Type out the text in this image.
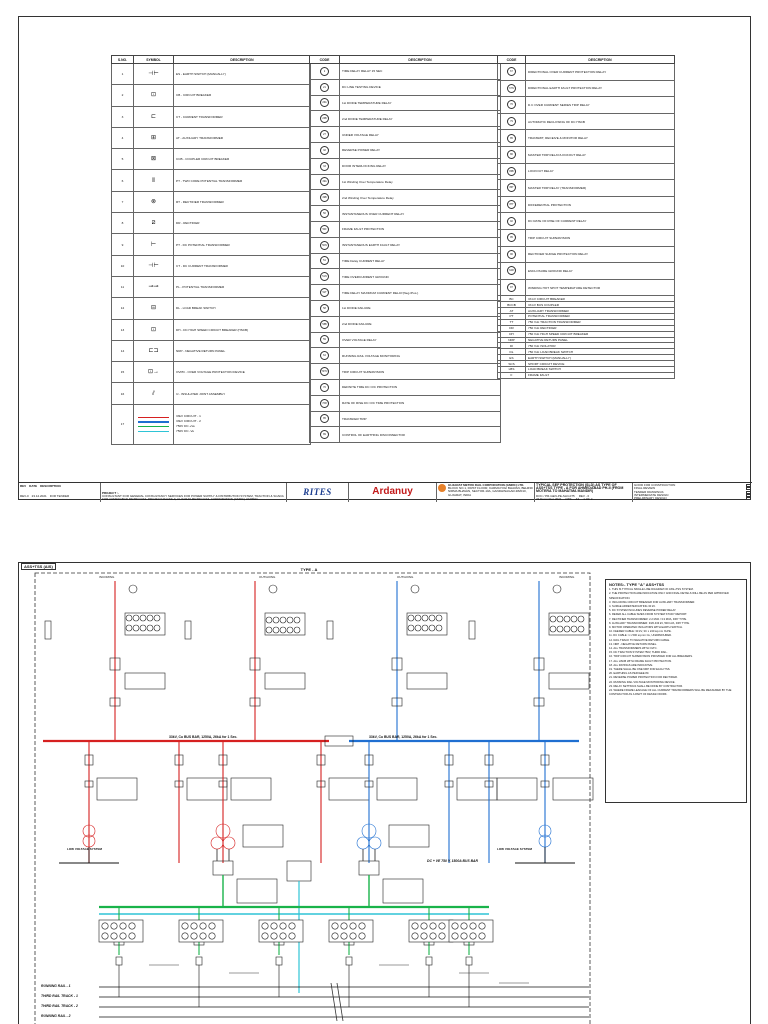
S.NO.	SYMBOL	DESCRIPTION
1	⊣⊢	ES - EARTH SWITCH (MANUALLY)
2	⊡	CB - CIRCUIT BREAKER
3	⊏	CT - CURRENT TRANSFORMER
4	⊞	AT - AUXILIARY TRANSFORMER
5	⊠	CCB - COUPLER CIRCUIT BREAKER
6	⫴	PT - TWO CORE POTENTIAL TRANSFORMER
7	⊗	RT - RECTIFIER TRANSFORMER
8	⧄	DR - RECTIFIER
9	⊢	PT - DC POTENTIAL TRANSFORMER
10	⊣⊢	CT - DC CURRENT TRANSFORMER
11	⊸⊸	PL - POTENTIAL TRANSFORMER
12	⊟	DL - LOAD BREAK SWITCH
13	⊡	DH - DC HIGH SPEED CIRCUIT BREAKER (HSCB)
14	⊏⊐	NRP - NEGATIVE RETURN PANEL
15	⊡→	OVPD - OVER VOLTAGE PROTECTION DEVICE
16	⫽	IJ - INSULATED JOINT ASSEMBLY
17		33kV CIRCUIT - 1
33kV CIRCUIT - 2
750V DC +Ve
750V DC -Ve
CODE	DESCRIPTION
2	TIME DELAY RELAY 15 SEC
21	DC LINE TESTING DEVICE
26A	1st DIODE TEMPERATURE RELAY
26B	2nd DIODE TEMPERATURE RELAY
27	UNDER VOLTAGE RELAY
32	REVERSE POWER RELAY
33	DOOR INTERLOCKING RELAY
49A	1st Winding Over Temperature Relay
49B	2nd Winding Over Temperature Relay
50	INSTANTANEOUS OVER CURRENT RELAY
50F	FRAME FAULT PROTECTION
50N	INSTANTANEOUS EARTH FAULT RELAY
51	TIME Delay CURRENT RELAY
51N	TIME OVERCURRENT GROUND
51T	TIME DELAY MAXIMUM CURRENT RELAY(Neg./Pos.)
58	1st DIODE FAILURE
58B	2nd DIODE FAILURE
59	OVER VOLTAGE RELAY
64	RUNNING RAIL VOLTAGE MONITORING
74TC	TRIP CIRCUIT SUPERVISION
76	DEFINITE TIME DC O/C PROTECTION
76R	RATE OF RISE DC O/C TIME PROTECTION
85	TRANSFER TRIP
89	CONTROL OF EARTHING DISCONNECTOR
CODE	DESCRIPTION
67	DIRECTIONAL OVER CURRENT PROTECTION RELAY
67N	DIRECTIONAL EARTH FAULT PROTECTION RELAY
76	D.C OVER CURRENT SERIES TRIP RELAY
79	AUTOMATIC RECLOSING OF DC HSCB
85	TRANSMIT, RECEIVE & MONITOR RELAY
86	MASTER TRIP RELAY/LOCKOUT RELAY
86B	LOCKOUT RELAY
86T	MASTER TRIP RELAY (TRANSFORMER)
87T	DIFFERENTIAL PROTECTION
92	DC RATE OF RISE OF CURRENT RELAY
95	TRIP CIRCUIT SUPERVISION
96	RECTIFIER SURGE PROTECTION RELAY
64R	ENCLOSURE GROUND RELAY
97	WINDING HOT SPOT TEMPERATURE DETECTOR
BC	33 kV CIRCUIT BREAKER
BCCB	33 kV BUS COUPLER
AT	AUXILIARY TRANSFORMER
PT	POTENTIAL TRANSFORMER
TT	750 Vdc TRACTION TRANSFORMER
DR	750 Vdc RECTIFIER
DH	750 Vdc HIGH SPEED CIRCUIT BREAKER
NRP	NEGATIVE RETURN PANEL
DI	750 Vdc ISOLATOR
DL	750 Vdc LOAD BREAK SWITCH
ES	EARTH SWITCH (MANUALLY)
SCS	SHORT CIRCUIT DEVICE
LBS	LOAD BREAK SWITCH
F	FRAME FAULT
REV DATE DESCRIPTION
REV-0 23.12.2021 FOR TENDER
PROJECT :-
CONSULTANT FOR GENERAL CONSULTANCY SERVICES FOR POWER SUPPLY & DISTRIBUTION SYSTEM, TRACTION & SCADA FOR AHMEDABAD METRO RAIL PROJECT PHASE-II, GUJARAT METRO RAIL CORPORATION (GMRC) LIMITED
RITES	Ardanuy
GUJARAT METRO RAIL CORPORATION (GMRC) LTD.
BLOCK NO.1, FIRST FLOOR, KARMAYOGI BHAVAN, BEHIND NIRMA BHAVAN, SECTOR-10A, GANDHINAGAR-382010, GUJARAT, INDIA
TYPICAL SEF PROTECTION (SLD) AS TYPE OF ASS+TSS TYPE - A FOR AHMEDABAD PH-II (FROM MOTERA TO MAHATMA MANDIR)
DOC / PR-GEN-PE-SLD-075 REV - 0
23 December 2021 NTS A3 1 OF 2
GOOD FOR CONSTRUCTION
FINAL REVIEW
TENDER DRAWINGS
INTERMEDIATE DESIGN
PRELIMINARY DESIGN
TYPE - A
ASS+TSS (AIS)
INCOMING	OUTGOING	OUTGOING	INCOMING
33kV, Cu BUS BAR, 1250A, 26kA for 1 Sec.	33kV, Cu BUS BAR, 1250A, 26kA for 1 Sec.
LOW VOLTAGE SYSTEM	LOW VOLTAGE SYSTEM
DC + VE 750 V, 1500A BUS BAR
RUNNING RAIL - 1
THIRD RAIL TRACK - 1
THIRD RAIL TRACK - 2
RUNNING RAIL - 2
NOTES:- TYPE "A" ASS+TSS
1. THIS IS TYPICAL SINGLE LINE DIAGRAM OF ASS+TSS SYSTEM.
2. THE PROTECTION ARE INDICATIVE ONLY AND FINAL DETAILS WILL BE AS PER APPROVED SPECIFICATION.
3. INCLUDING CIRCUIT BREAKER FOR AUXILIARY TRANSFORMER.
4. SURGE ARRESTER RATING 30 kV.
5. DC SYSTEM INCLUDES REVERSE POWER RELAY.
6. REFER ALL CABLE SIZES FROM SYSTEM STUDY REPORT.
7. RECTIFIER TRANSFORMER: 2.2 MVA / 3.3 MVA, DRY TYPE.
8. AUXILIARY TRANSFORMER: 33/0.433 kV, 500 kVA, DRY TYPE.
9. MOTOR OPERATED ISOLATORS WITH EARTH SWITCH.
10. FEEDER CABLE: 33 kV, 3C x 240 sq.mm XLPE.
11. DC CABLE: 1 x 500 sq.mm Cu, UNARMOURED.
12. RAIL TRACK TO NEGATIVE RETURN CABLE.
13. NRP - NEGATIVE RETURN PANEL.
14. ALL TRANSFORMERS WITH OLTC.
15. DC TRACTION SYSTEM 750V, THIRD RAIL.
16. TRIP CIRCUIT SUPERVISION PROVIDED FOR ALL BREAKERS.
17. ALL HSCB WITH FRAME FAULT PROTECTION.
18. ALL RATINGS ARE INDICATIVE.
19. THERE SHALL BE ONE NRP FOR EACH TSS.
20. EARTHING AS PER IEEE 80.
21. REVERSE POWER PROTECTION FOR RECTIFIER.
22. RUNNING RAIL VOLTAGE MONITORING DEVICE.
23. RELAY SETTINGS SHALL BE DONE BY CONTRACTOR.
24. WHERE FRAME LEAKAGE OF ALL CURRENT TRANSFORMERS WILL BE MEASURED BY THE CONTRACTOR AS A PART OF DESIGN WORK.
